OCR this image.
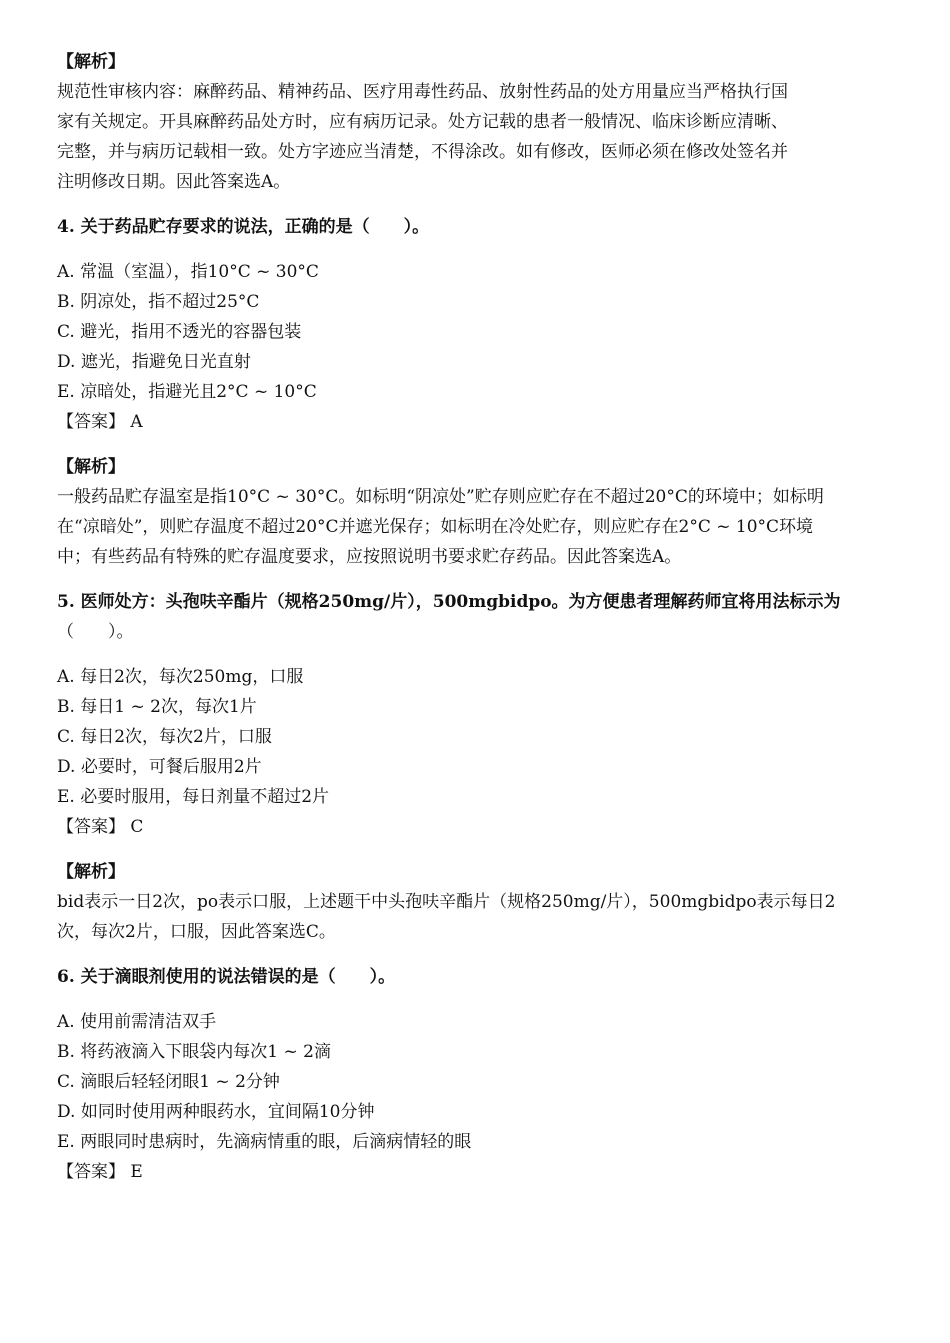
【解析】
规范性审核内容：麻醉药品、精神药品、医疗用毒性药品、放射性药品的处方用量应当严格执行国
家有关规定。开具麻醉药品处方时，应有病历记录。处方记载的患者一般情况、临床诊断应清晰、
完整，并与病历记载相一致。处方字迹应当清楚，不得涂改。如有修改，医师必须在修改处签名并
注明修改日期。因此答案选A。
4. 关于药品贮存要求的说法，正确的是（　　）。
A. 常温（室温），指10°C ~ 30°C
B. 阴凉处，指不超过25°C
C. 避光，指用不透光的容器包装
D. 遮光，指避免日光直射
E. 凉暗处，指避光且2°C ~ 10°C
【答案】 A
【解析】
一般药品贮存温室是指10°C ~ 30°C。如标明“阴凉处”贮存则应贮存在不超过20°C的环境中；如标明
在“凉暗处”，则贮存温度不超过20°C并遮光保存；如标明在冷处贮存，则应贮存在2°C ~ 10°C环境
中；有些药品有特殊的贮存温度要求，应按照说明书要求贮存药品。因此答案选A。
5. 医师处方：头孢呋辛酯片（规格250mg/片），500mgbidpo。为方便患者理解药师宜将用法标示为
（　　）。
A. 每日2次，每次250mg，口服
B. 每日1 ~ 2次，每次1片
C. 每日2次，每次2片，口服
D. 必要时，可餐后服用2片
E. 必要时服用，每日剂量不超过2片
【答案】 C
【解析】
bid表示一日2次，po表示口服，上述题干中头孢呋辛酯片（规格250mg/片），500mgbidpo表示每日2
次，每次2片，口服，因此答案选C。
6. 关于滴眼剂使用的说法错误的是（　　）。
A. 使用前需清洁双手
B. 将药液滴入下眼袋内每次1 ~ 2滴
C. 滴眼后轻轻闭眼1 ~ 2分钟
D. 如同时使用两种眼药水，宜间隔10分钟
E. 两眼同时患病时，先滴病情重的眼，后滴病情轻的眼
【答案】 E
